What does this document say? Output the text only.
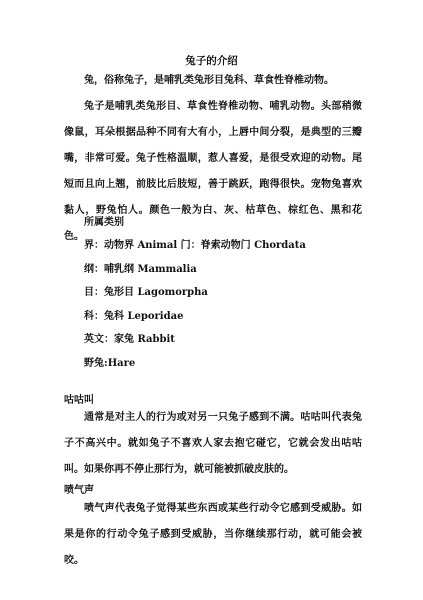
兔子的介绍
兔，俗称兔子，是哺乳类兔形目兔科、草食性脊椎动物。
兔子是哺乳类兔形目、草食性脊椎动物、哺乳动物。头部稍微像鼠，耳朵根据品种不同有大有小，上唇中间分裂，是典型的三瓣嘴，非常可爱。兔子性格温顺，惹人喜爱，是很受欢迎的动物。尾短而且向上翘，前肢比后肢短，善于跳跃，跑得很快。宠物兔喜欢黏人，野兔怕人。颜色一般为白、灰、枯草色、棕红色、黑和花色。
所属类别
界：动物界 Animal 门：脊索动物门 Chordata
纲：哺乳纲 Mammalia
目：兔形目 Lagomorpha
科：兔科 Leporidae
英文：家兔 Rabbit
野兔:Hare
咕咕叫
通常是对主人的行为或对另一只兔子感到不满。咕咕叫代表兔子不高兴中。就如兔子不喜欢人家去抱它碰它，它就会发出咕咕叫。如果你再不停止那行为，就可能被抓破皮肤的。
喷气声
喷气声代表兔子觉得某些东西或某些行动令它感到受威胁。如果是你的行动令兔子感到受威胁，当你继续那行动，就可能会被咬。
